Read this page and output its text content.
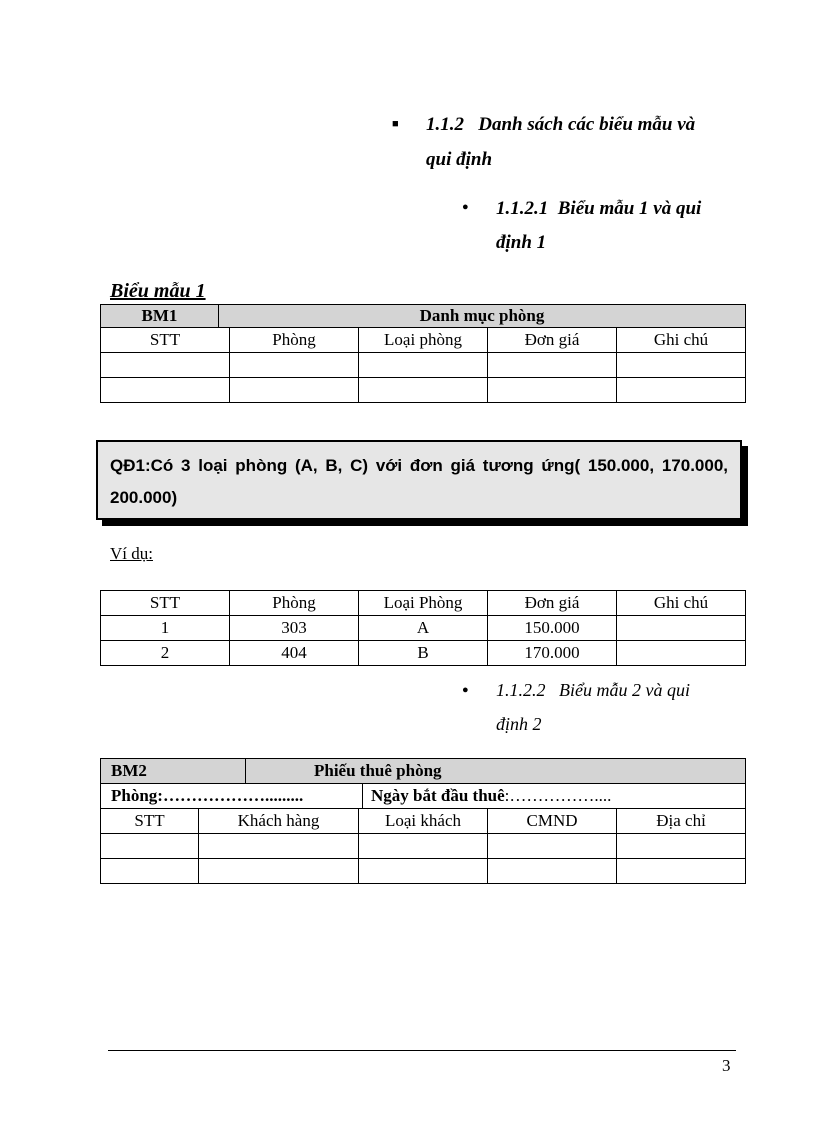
■ 1.1.2 Danh sách các biểu mẫu và
qui định
● 1.1.2.1 Biểu mẫu 1 và qui
định 1
Biểu mẫu 1
BM1 Danh mục phòng				

STT	Phòng	Loại phòng	Đơn giá	Ghi chú

QĐ1:Có 3 loại phòng (A, B, C) với đơn giá tương ứng( 150.000, 170.000, 200.000)
Ví dụ:
STT	Phòng	Loại Phòng	Đơn giá	Ghi chú
1	303	A	150.000	
2	404	B	170.000	
● 1.1.2.2 Biểu mẫu 2 và qui
định 2
BM2 Phiếu thuê phòng				

Phòng:………………......... Ngày bắt đầu thuê:……………....				

STT	Khách hàng	Loại khách	CMND	Địa chỉ

3
